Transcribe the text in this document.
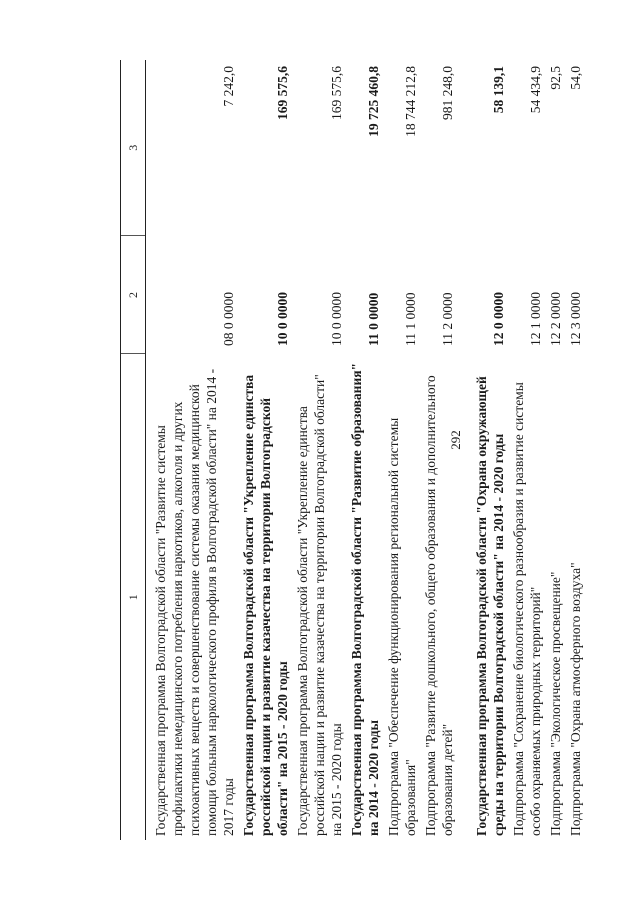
292
1	2	3
Государственная программа Волгоградской области "Развитие системы профилактики немедицинского потребления наркотиков, алкоголя и других психоактивных веществ и совершенствование системы оказания медицинской помощи больным наркологического профиля в Волгоградской области" на 2014 - 2017 годы	08 0 0000	7 242,0
Государственная программа Волгоградской области "Укрепление единства российской нации и развитие казачества на территории Волгоградской области" на 2015 - 2020 годы	10 0 0000	169 575,6
Государственная программа Волгоградской области "Укрепление единства российской нации и развитие казачества на территории Волгоградской области" на 2015 - 2020 годы	10 0 0000	169 575,6
Государственная программа Волгоградской области "Развитие образования" на 2014 - 2020 годы	11 0 0000	19 725 460,8
Подпрограмма "Обеспечение функционирования региональной системы образования"	11 1 0000	18 744 212,8
Подпрограмма "Развитие дошкольного, общего образования и дополнительного образования детей"	11 2 0000	981 248,0
Государственная программа Волгоградской области "Охрана окружающей среды на территории Волгоградской области" на 2014 - 2020 годы	12 0 0000	58 139,1
Подпрограмма "Сохранение биологического разнообразия и развитие системы особо охраняемых природных территорий"	12 1 0000	54 434,9
Подпрограмма "Экологическое просвещение"	12 2 0000	92,5
Подпрограмма "Охрана атмосферного воздуха"	12 3 0000	54,0
